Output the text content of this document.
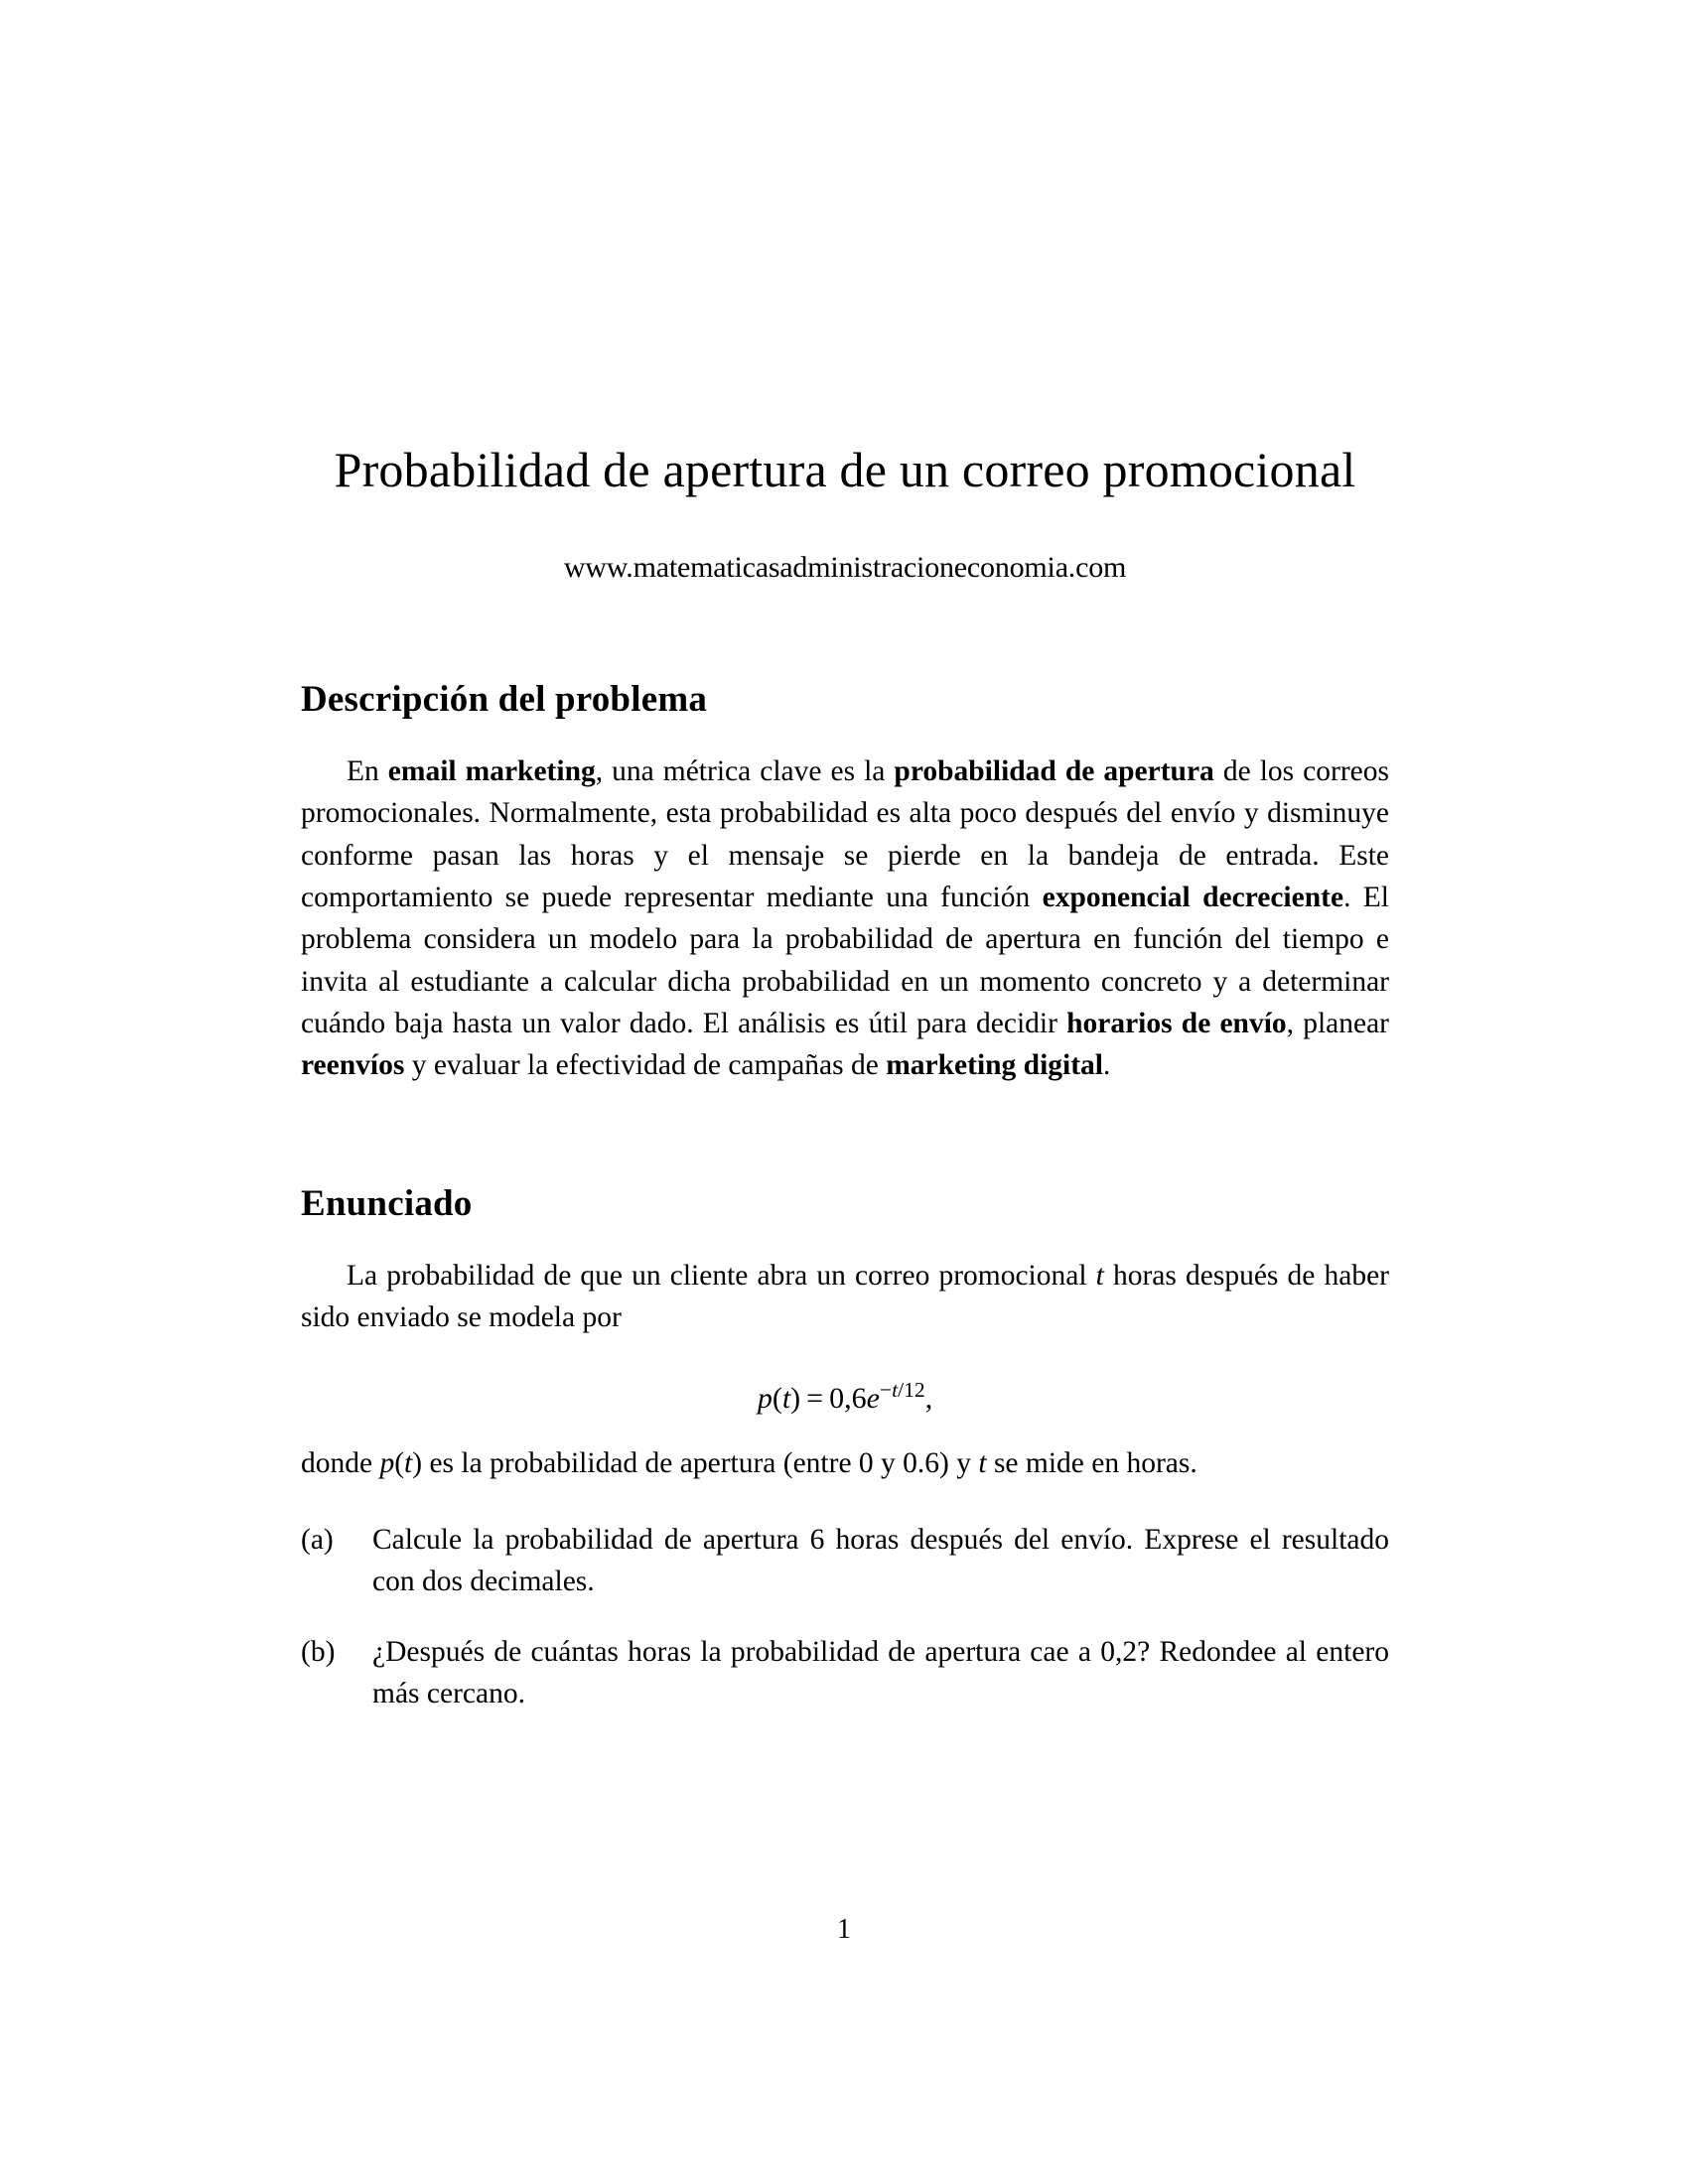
Probabilidad de apertura de un correo promocional
www.matematicasadministracioneconomia.com
Descripción del problema

En email marketing, una métrica clave es la probabilidad de apertura de los correos promocionales. Normalmente, esta probabilidad es alta poco después del envío y disminuye conforme pasan las horas y el mensaje se pierde en la bandeja de entrada. Este comportamiento se puede representar mediante una función exponencial decreciente. El problema considera un modelo para la probabilidad de apertura en función del tiempo e invita al estudiante a calcular dicha probabilidad en un momento concreto y a determinar cuándo baja hasta un valor dado. El análisis es útil para decidir horarios de envío, planear reenvíos y evaluar la efectividad de campañas de marketing digital.

Enunciado

La probabilidad de que un cliente abra un correo promocional t horas después de haber sido enviado se modela por

$p(t) = 0,6e^{-t/12}$,

donde p(t) es la probabilidad de apertura (entre 0 y 0.6) y t se mide en horas.

(a)	Calcule la probabilidad de apertura 6 horas después del envío. Exprese el resultado con dos decimales.
(b)	¿Después de cuántas horas la probabilidad de apertura cae a 0,2? Redondee al entero más cercano.
1
